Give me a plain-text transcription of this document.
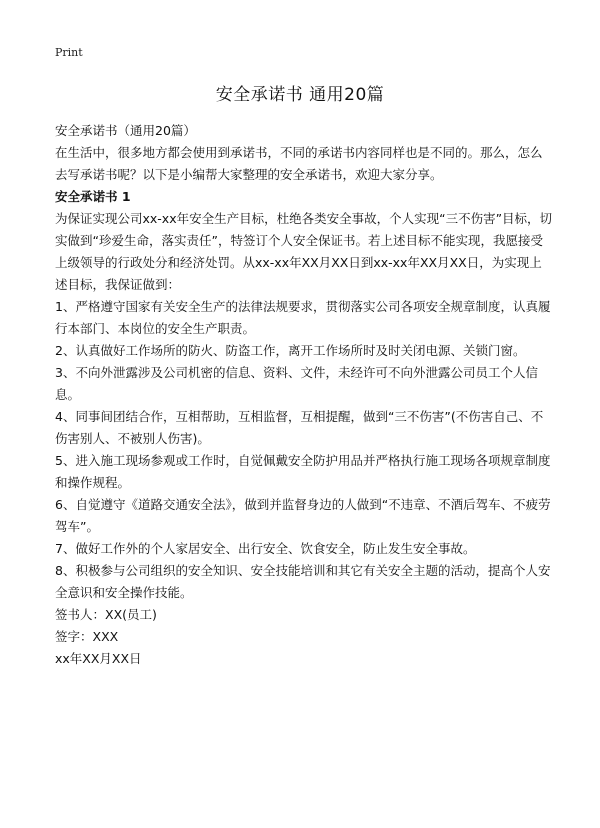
Print
安全承诺书 通用20篇

安全承诺书（通用20篇）

在生活中，很多地方都会使用到承诺书，不同的承诺书内容同样也是不同的。那么，怎么去写承诺书呢？以下是小编帮大家整理的安全承诺书，欢迎大家分享。

安全承诺书 1

为保证实现公司xx-xx年安全生产目标，杜绝各类安全事故，个人实现“三不伤害”目标，切实做到“珍爱生命，落实责任”，特签订个人安全保证书。若上述目标不能实现，我愿接受上级领导的行政处分和经济处罚。从xx-xx年XX月XX日到xx-xx年XX月XX日，为实现上述目标，我保证做到：

1、严格遵守国家有关安全生产的法律法规要求，贯彻落实公司各项安全规章制度，认真履行本部门、本岗位的安全生产职责。

2、认真做好工作场所的防火、防盗工作，离开工作场所时及时关闭电源、关锁门窗。

3、不向外泄露涉及公司机密的信息、资料、文件，未经许可不向外泄露公司员工个人信息。

4、同事间团结合作，互相帮助，互相监督，互相提醒，做到“三不伤害”(不伤害自己、不伤害别人、不被别人伤害)。

5、进入施工现场参观或工作时，自觉佩戴安全防护用品并严格执行施工现场各项规章制度和操作规程。

6、自觉遵守《道路交通安全法》，做到并监督身边的人做到“不违章、不酒后驾车、不疲劳驾车”。

7、做好工作外的个人家居安全、出行安全、饮食安全，防止发生安全事故。

8、积极参与公司组织的安全知识、安全技能培训和其它有关安全主题的活动，提高个人安全意识和安全操作技能。

签书人：XX(员工)

签字：XXX

xx年XX月XX日
